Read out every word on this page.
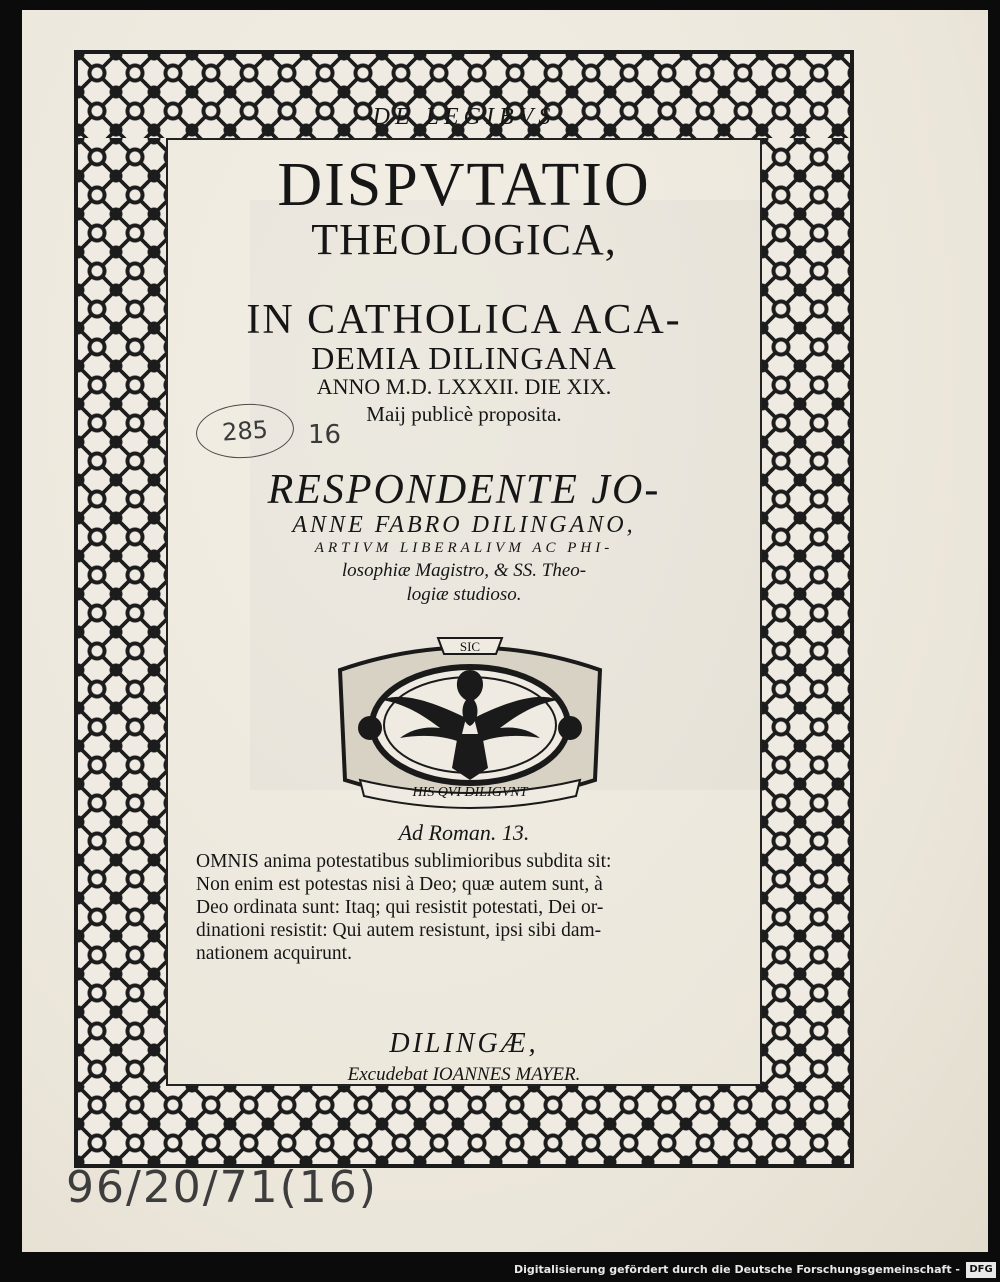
DE LEGIBVS
DISPVTATIO
THEOLOGICA,
IN CATHOLICA ACA-
DEMIA DILINGANA
ANNO M.D. LXXXII. DIE XIX.
Maij publicè proposita.
RESPONDENTE JO-
ANNE FABRO DILINGANO,
ARTIVM LIBERALIVM AC PHI-
losophiæ Magistro, & SS. Theo-
logiæ studioso.
SIC
HIS QVI DILIGVNT
Ad Roman. 13.
OMNIS anima potestatibus sublimioribus subdita sit:
Non enim est potestas nisi à Deo; quæ autem sunt, à
Deo ordinata sunt: Itaq; qui resistit potestati, Dei or-
dinationi resistit: Qui autem resistunt, ipsi sibi dam-
nationem acquirunt.
DILINGÆ,
Excudebat IOANNES MAYER.
285	16
96/20/71(16)
Digitalisierung gefördert durch die Deutsche Forschungsgemeinschaft - DFG
